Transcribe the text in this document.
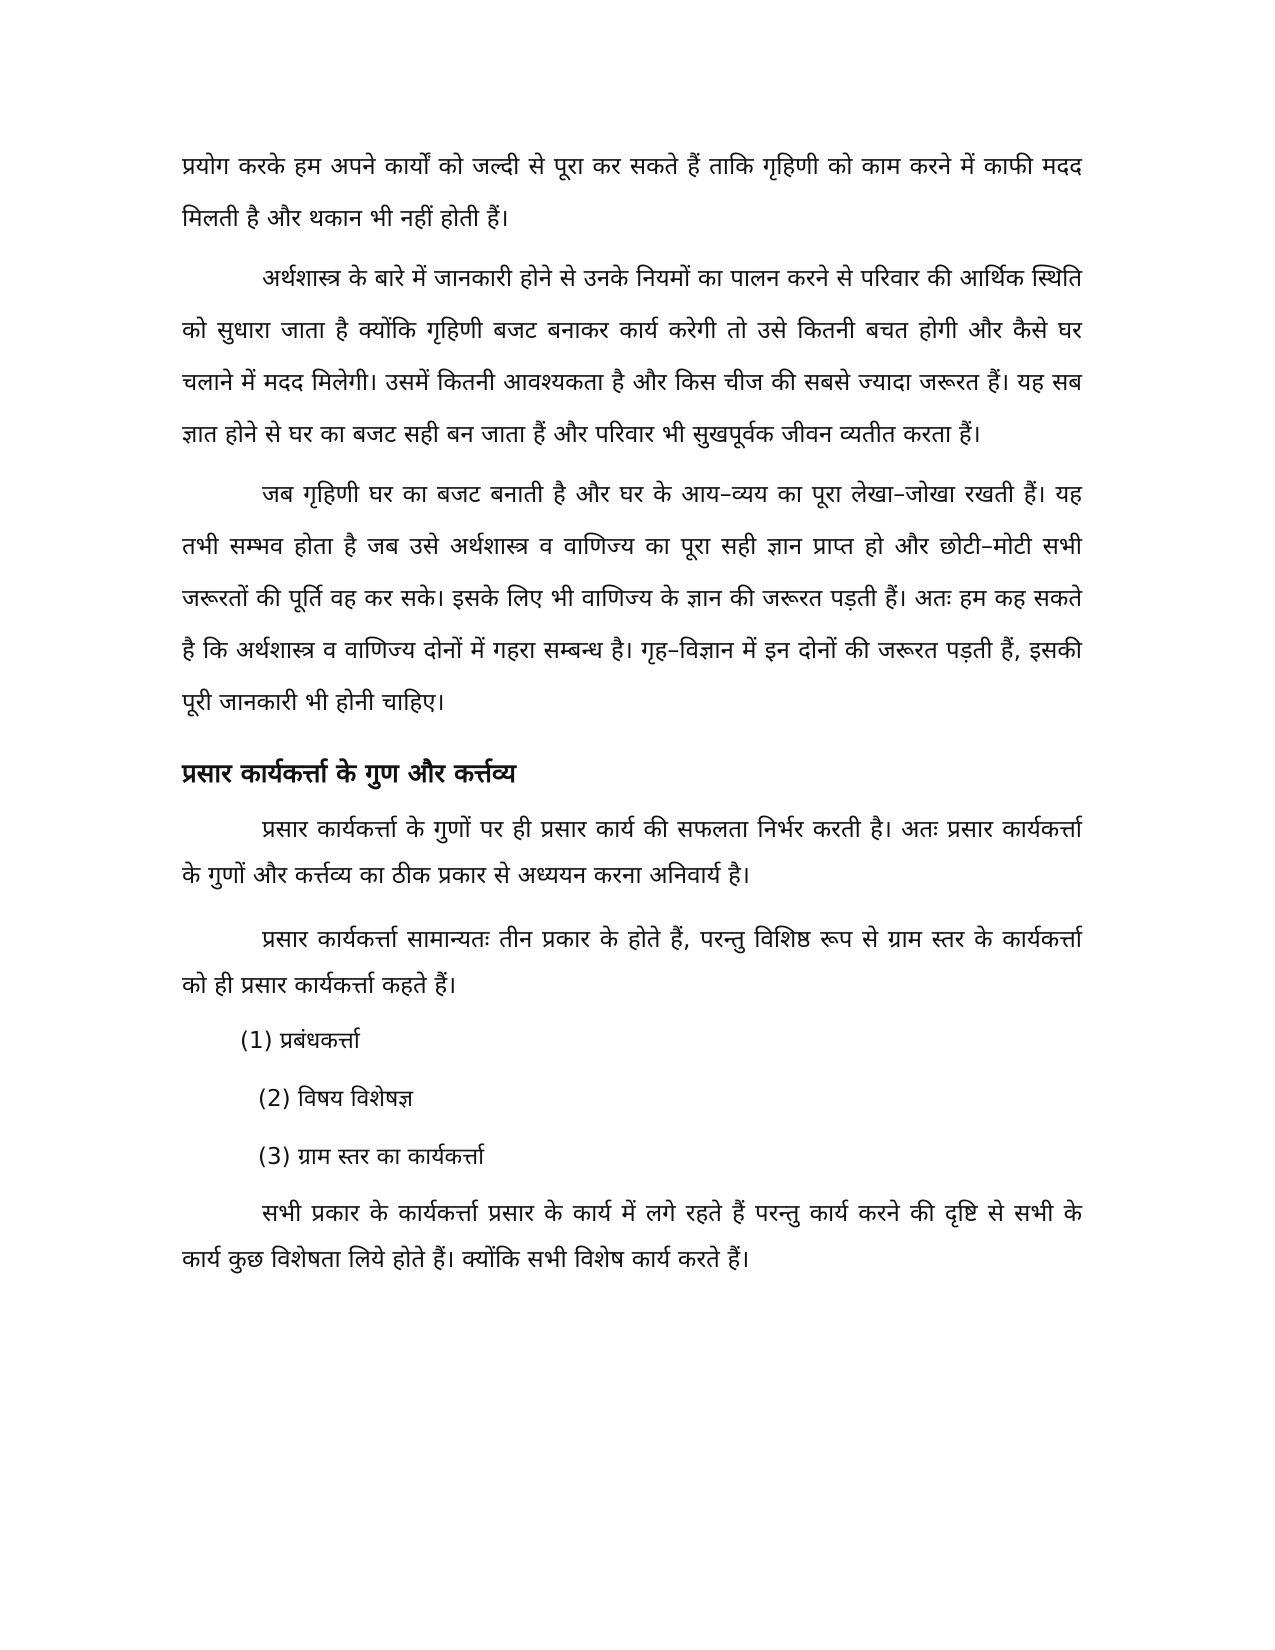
प्रयोग करके हम अपने कार्यों को जल्दी से पूरा कर सकते हैं ताकि गृहिणी को काम करने में काफी मदद मिलती है और थकान भी नहीं होती हैं।

अर्थशास्त्र के बारे में जानकारी होने से उनके नियमों का पालन करने से परिवार की आर्थिक स्थिति को सुधारा जाता है क्योंकि गृहिणी बजट बनाकर कार्य करेगी तो उसे कितनी बचत होगी और कैसे घर चलाने में मदद मिलेगी। उसमें कितनी आवश्यकता है और किस चीज की सबसे ज्यादा जरूरत हैं। यह सब ज्ञात होने से घर का बजट सही बन जाता हैं और परिवार भी सुखपूर्वक जीवन व्यतीत करता हैं।

जब गृहिणी घर का बजट बनाती है और घर के आय–व्यय का पूरा लेखा–जोखा रखती हैं। यह तभी सम्भव होता है जब उसे अर्थशास्त्र व वाणिज्य का पूरा सही ज्ञान प्राप्त हो और छोटी–मोटी सभी जरूरतों की पूर्ति वह कर सके। इसके लिए भी वाणिज्य के ज्ञान की जरूरत पड़ती हैं। अतः हम कह सकते है कि अर्थशास्त्र व वाणिज्य दोनों में गहरा सम्बन्ध है। गृह–विज्ञान में इन दोनों की जरूरत पड़ती हैं, इसकी पूरी जानकारी भी होनी चाहिए।

प्रसार कार्यकर्त्ता के गुण और कर्त्तव्य

प्रसार कार्यकर्त्ता के गुणों पर ही प्रसार कार्य की सफलता निर्भर करती है। अतः प्रसार कार्यकर्त्ता के गुणों और कर्त्तव्य का ठीक प्रकार से अध्ययन करना अनिवार्य है।

प्रसार कार्यकर्त्ता सामान्यतः तीन प्रकार के होते हैं, परन्तु विशिष्ठ रूप से ग्राम स्तर के कार्यकर्त्ता को ही प्रसार कार्यकर्त्ता कहते हैं।

(1) प्रबंधकर्त्ता

(2) विषय विशेषज्ञ

(3) ग्राम स्तर का कार्यकर्त्ता

सभी प्रकार के कार्यकर्त्ता प्रसार के कार्य में लगे रहते हैं परन्तु कार्य करने की दृष्टि से सभी के कार्य कुछ विशेषता लिये होते हैं। क्योंकि सभी विशेष कार्य करते हैं।
